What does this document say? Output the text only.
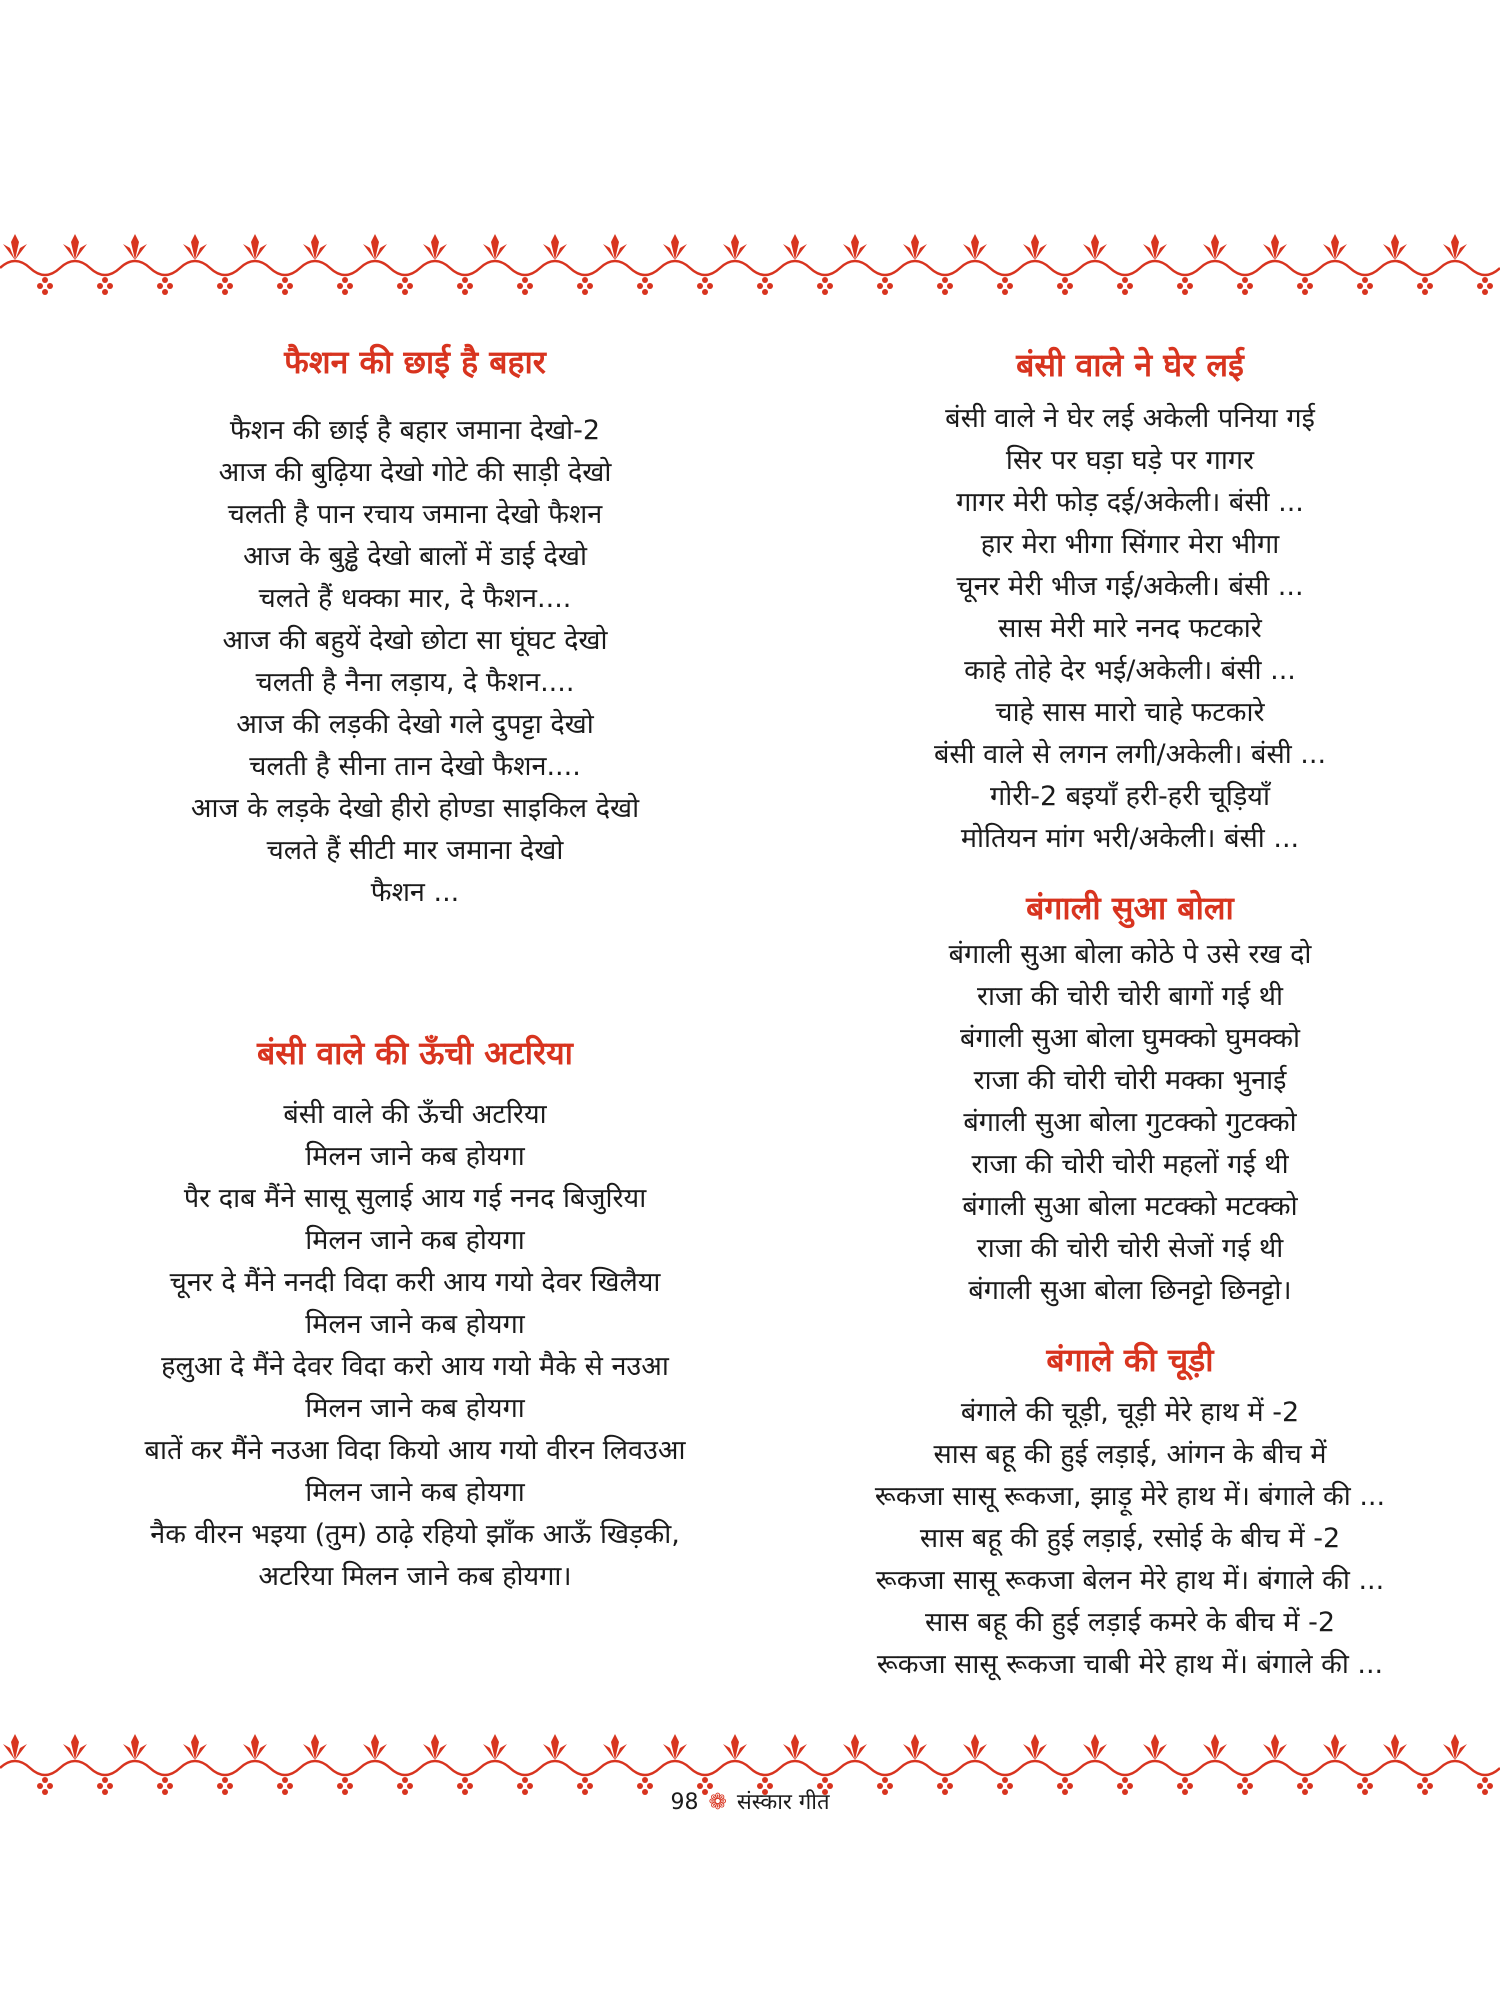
फैशन की छाई है बहार
फैशन की छाई है बहार जमाना देखो-2
आज की बुढ़िया देखो गोटे की साड़ी देखो
चलती है पान रचाय जमाना देखो फैशन
आज के बुड्ढे देखो बालों में डाई देखो
चलते हैं धक्का मार, दे फैशन....
आज की बहुयें देखो छोटा सा घूंघट देखो
चलती है नैना लड़ाय, दे फैशन....
आज की लड़की देखो गले दुपट्टा देखो
चलती है सीना तान देखो फैशन....
आज के लड़के देखो हीरो होण्डा साइकिल देखो
चलते हैं सीटी मार जमाना देखो
फैशन ...
बंसी वाले की ऊँची अटरिया
बंसी वाले की ऊँची अटरिया
मिलन जाने कब होयगा
पैर दाब मैंने सासू सुलाई आय गई ननद बिजुरिया
मिलन जाने कब होयगा
चूनर दे मैंने ननदी विदा करी आय गयो देवर खिलैया
मिलन जाने कब होयगा
हलुआ दे मैंने देवर विदा करो आय गयो मैके से नउआ
मिलन जाने कब होयगा
बातें कर मैंने नउआ विदा कियो आय गयो वीरन लिवउआ
मिलन जाने कब होयगा
नैक वीरन भइया (तुम) ठाढ़े रहियो झाँक आऊँ खिड़की,
अटरिया मिलन जाने कब होयगा।
बंसी वाले ने घेर लई
बंसी वाले ने घेर लई अकेली पनिया गई
सिर पर घड़ा घड़े पर गागर
गागर मेरी फोड़ दई/अकेली। बंसी ...
हार मेरा भीगा सिंगार मेरा भीगा
चूनर मेरी भीज गई/अकेली। बंसी ...
सास मेरी मारे ननद फटकारे
काहे तोहे देर भई/अकेली। बंसी ...
चाहे सास मारो चाहे फटकारे
बंसी वाले से लगन लगी/अकेली। बंसी ...
गोरी-2 बइयाँ हरी-हरी चूड़ियाँ
मोतियन मांग भरी/अकेली। बंसी ...
बंगाली सुआ बोला
बंगाली सुआ बोला कोठे पे उसे रख दो
राजा की चोरी चोरी बागों गई थी
बंगाली सुआ बोला घुमक्को घुमक्को
राजा की चोरी चोरी मक्का भुनाई
बंगाली सुआ बोला गुटक्को गुटक्को
राजा की चोरी चोरी महलों गई थी
बंगाली सुआ बोला मटक्को मटक्को
राजा की चोरी चोरी सेजों गई थी
बंगाली सुआ बोला छिनट्टो छिनट्टो।
बंगाले की चूड़ी
बंगाले की चूड़ी, चूड़ी मेरे हाथ में -2
सास बहू की हुई लड़ाई, आंगन के बीच में
रूकजा सासू रूकजा, झाड़ू मेरे हाथ में। बंगाले की ...
सास बहू की हुई लड़ाई, रसोई के बीच में -2
रूकजा सासू रूकजा बेलन मेरे हाथ में। बंगाले की ...
सास बहू की हुई लड़ाई कमरे के बीच में -2
रूकजा सासू रूकजा चाबी मेरे हाथ में। बंगाले की ...
98 ❁ संस्कार गीत
